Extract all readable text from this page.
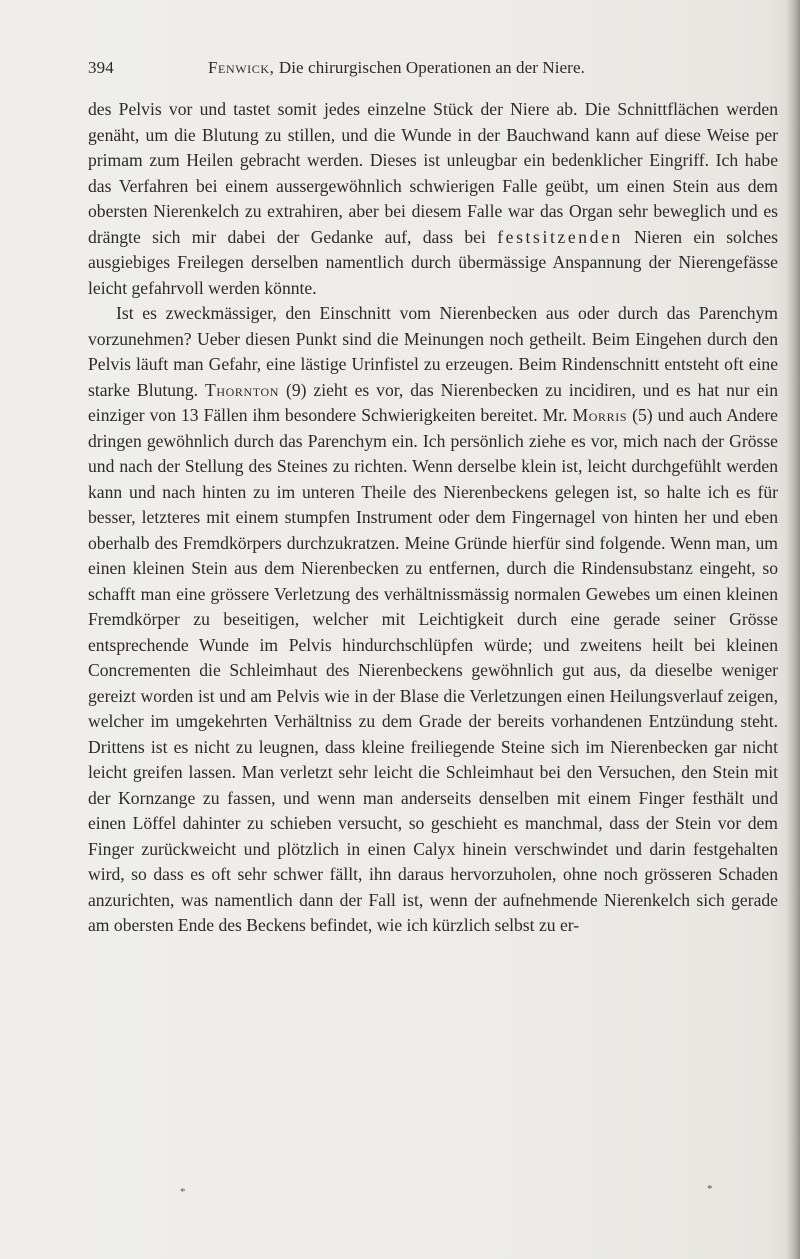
394	Fenwick, Die chirurgischen Operationen an der Niere.

des Pelvis vor und tastet somit jedes einzelne Stück der Niere ab. Die Schnittflächen werden genäht, um die Blutung zu stillen, und die Wunde in der Bauchwand kann auf diese Weise per primam zum Heilen gebracht werden. Dieses ist unleugbar ein bedenklicher Eingriff. Ich habe das Verfahren bei einem aussergewöhnlich schwierigen Falle geübt, um einen Stein aus dem obersten Nierenkelch zu extrahiren, aber bei diesem Falle war das Organ sehr beweglich und es drängte sich mir dabei der Gedanke auf, dass bei festsitzenden Nieren ein solches ausgiebiges Freilegen derselben namentlich durch übermässige Anspannung der Nierengefässe leicht gefahrvoll werden könnte.

Ist es zweckmässiger, den Einschnitt vom Nierenbecken aus oder durch das Parenchym vorzunehmen? Ueber diesen Punkt sind die Meinungen noch getheilt. Beim Eingehen durch den Pelvis läuft man Gefahr, eine lästige Urinfistel zu erzeugen. Beim Rindenschnitt entsteht oft eine starke Blutung. Thornton (9) zieht es vor, das Nierenbecken zu incidiren, und es hat nur ein einziger von 13 Fällen ihm besondere Schwierigkeiten bereitet. Mr. Morris (5) und auch Andere dringen gewöhnlich durch das Parenchym ein. Ich persönlich ziehe es vor, mich nach der Grösse und nach der Stellung des Steines zu richten. Wenn derselbe klein ist, leicht durchgefühlt werden kann und nach hinten zu im unteren Theile des Nierenbeckens gelegen ist, so halte ich es für besser, letzteres mit einem stumpfen Instrument oder dem Fingernagel von hinten her und eben oberhalb des Fremdkörpers durchzukratzen. Meine Gründe hierfür sind folgende. Wenn man, um einen kleinen Stein aus dem Nierenbecken zu entfernen, durch die Rindensubstanz eingeht, so schafft man eine grössere Verletzung des verhältnissmässig normalen Gewebes um einen kleinen Fremdkörper zu beseitigen, welcher mit Leichtigkeit durch eine gerade seiner Grösse entsprechende Wunde im Pelvis hindurchschlüpfen würde; und zweitens heilt bei kleinen Concrementen die Schleimhaut des Nierenbeckens gewöhnlich gut aus, da dieselbe weniger gereizt worden ist und am Pelvis wie in der Blase die Verletzungen einen Heilungsverlauf zeigen, welcher im umgekehrten Verhältniss zu dem Grade der bereits vorhandenen Entzündung steht. Drittens ist es nicht zu leugnen, dass kleine freiliegende Steine sich im Nierenbecken gar nicht leicht greifen lassen. Man verletzt sehr leicht die Schleimhaut bei den Versuchen, den Stein mit der Kornzange zu fassen, und wenn man anderseits denselben mit einem Finger festhält und einen Löffel dahinter zu schieben versucht, so geschieht es manchmal, dass der Stein vor dem Finger zurückweicht und plötzlich in einen Calyx hinein verschwindet und darin festgehalten wird, so dass es oft sehr schwer fällt, ihn daraus hervorzuholen, ohne noch grösseren Schaden anzurichten, was namentlich dann der Fall ist, wenn der aufnehmende Nierenkelch sich gerade am obersten Ende des Beckens befindet, wie ich kürzlich selbst zu er-

*	*
